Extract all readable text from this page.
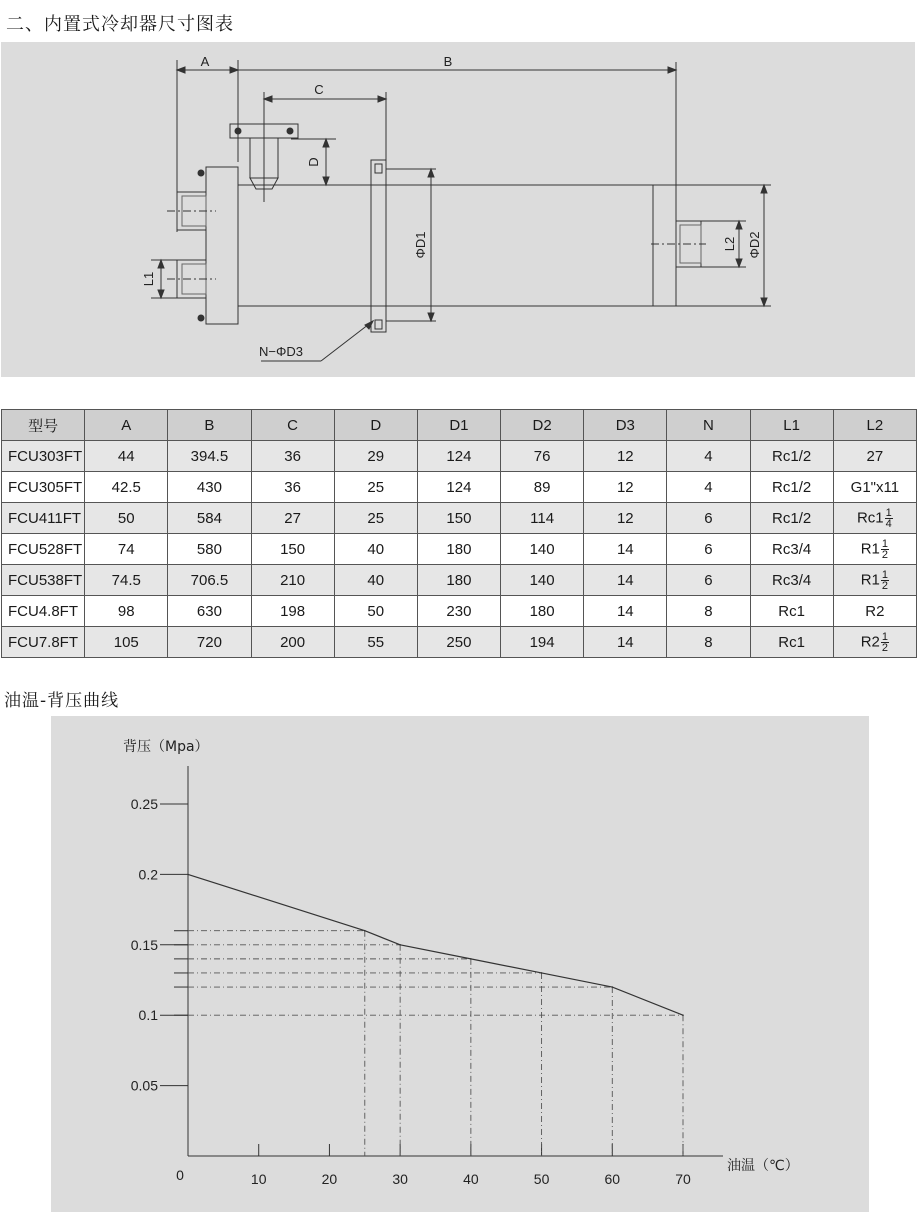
二、内置式冷却器尺寸图表
A	B
C
D
ΦD1	ΦD2
L1
L2
N−ΦD3
型号	A	B	C	D	D1	D2	D3	N	L1	L2
FCU303FT	44	394.5	36	29	124	76	12	4	Rc1/2	27
FCU305FT	42.5	430	36	25	124	89	12	4	Rc1/2	G1"x11
FCU411FT	50	584	27	25	150	114	12	6	Rc1/2	$Rc1 \frac{1}{4}$

FCU528FT	74	580	150	40	180	140	14	6	Rc3/4	$R1 \frac{1}{2}$

FCU538FT	74.5	706.5	210	40	180	140	14	6	Rc3/4	$R1 \frac{1}{2}$

FCU4.8FT	98	630	198	50	230	180	14	8	Rc1	R2
FCU7.8FT	105	720	200	55	250	194	14	8	Rc1	$R2 \frac{1}{2}$
油温-背压曲线
0.05
0.1
0.15
0.2
0.25
10	20	30	40	50	60	70
0
背压（Mpa）
油温（℃）
